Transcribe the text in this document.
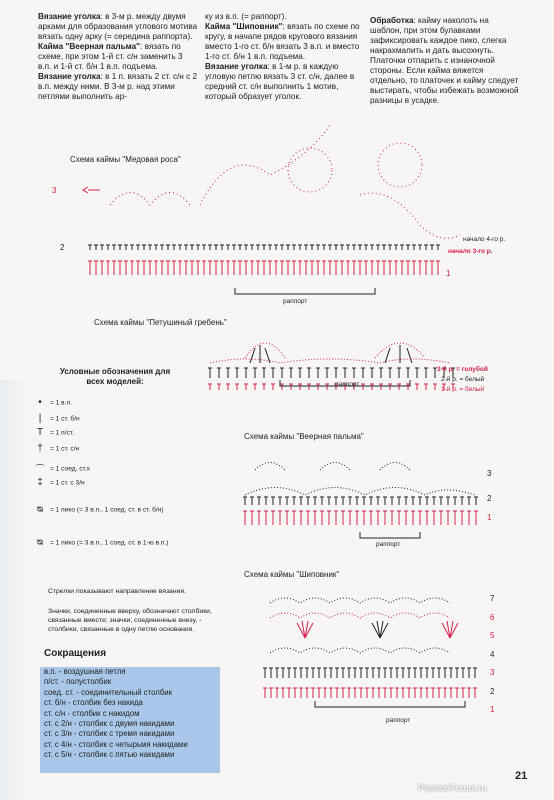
Вязание уголка: в 3-м р. между двумя арками для образования углового мотива вязать одну арку (= середина раппорта).

Кайма "Веерная пальма": вязать по схеме, при этом 1-й ст. с/н заменить 3 в.п. и 1-й ст. б/н 1 в.п. подъема.

Вязание уголка: в 1 п. вязать 2 ст. с/н с 2 в.п. между ними. В 3-м р. над этими петлями выполнить ар-

ку из в.п. (= раппорт).

Кайма "Шиповник": вязать по схеме по кругу, в начале рядов кругового вязания вместо 1-го ст. б/н вязать 3 в.п. и вместо 1-го ст. б/н 1 в.п. подъема.

Вязание уголка: в 1-м р. в каждую угловую петлю вязать 3 ст. с/н, далее в средний ст. с/н выполнить 1 мотив, который образует уголок.

Обработка: кайму наколоть на шаблон, при этом булавками зафиксировать каждое пико, слегка накрахмалить и дать высохнуть. Платочки отпарить с изнаночной стороны. Если кайма вяжется отдельно, то платочек и кайму следует выстирать, чтобы избежать возможной разницы в усадке.

Схема каймы "Медовая роса"
3
2
1
раппорт
начало 4-го р.
начало 3-го р.
Схема каймы "Петушиный гребень"
раппорт
3-й р. = голубой
2-й р. = белый
1-й р. = белый
Условные обозначения для всех моделей:
• = 1 в.п.
| = 1 ст. б/н
T = 1 п/ст.
† = 1 ст. с/н
⌒ = 1 соед. ст.х
‡ = 1 ст. с 3/н
ᴓ = 1 пико (= 3 в.п., 1 соед. ст. в ст. б/н)
ᴓ = 1 пико (= 3 в.п., 1 соед. ст. в 1-ю в.п.)
Стрелки показывают направление вязания.
Значки, соединенные вверху, обозначают столбики, связанные вместе; значки, соединенные внизу, - столбики, связанные в одну петлю основания.
Схема каймы "Веерная пальма"
3
2
1
раппорт
Схема каймы "Шиповник"
7
6
5
4
3
2
1
раппорт
Сокращения
в.п. - воздушная петля
п/ст. - полустолбик
соед. ст. - соединительный столбик
ст. б/н - столбик без накида
ст. с/н - столбик с накидом
ст. с 2/н - столбик с двумя накидами
ст. с 3/н - столбик с тремя накидами
ст. с 4/н - столбик с четырьмя накидами
ст. с 5/н - столбик с пятью накидами
21
PassionForum.ru
